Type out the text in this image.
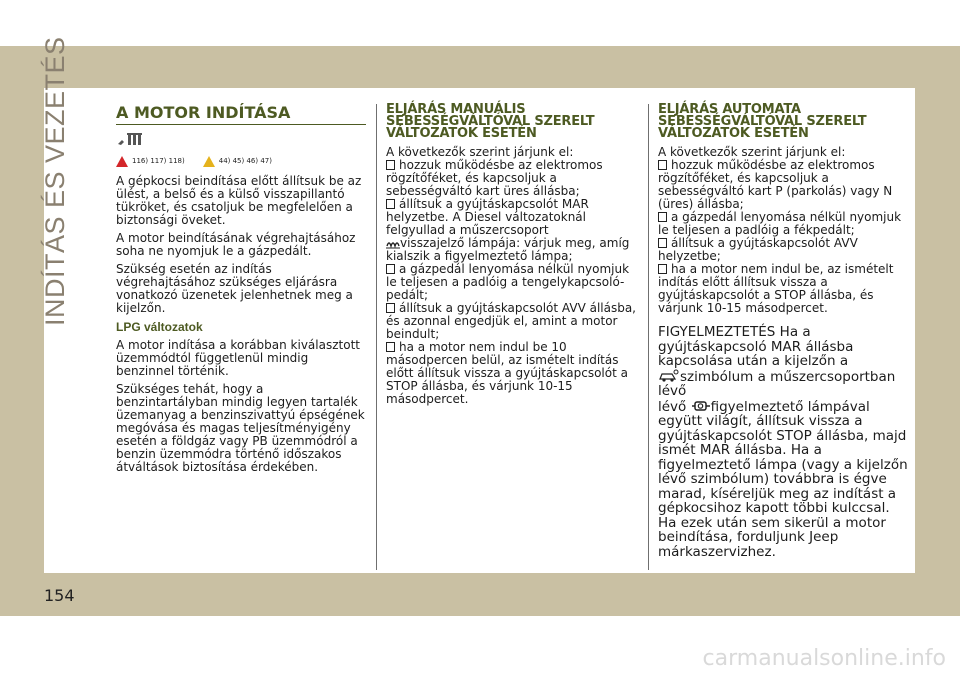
INDÍTÁS ÉS VEZETÉS	A MOTOR INDÍTÁSA
116) 117) 118)	44) 45) 46) 47)

A gépkocsi beindítása előtt állítsuk be az ülést, a belső és a külső visszapillantó tükröket, és csatoljuk be megfelelően a biztonsági öveket.

A motor beindításának végrehajtásához soha ne nyomjuk le a gázpedált.

Szükség esetén az indítás végrehajtásához szükséges eljárásra vonatkozó üzenetek jelenhetnek meg a kijelzőn.

LPG változatok

A motor indítása a korábban kiválasztott üzemmódtól függetlenül mindig benzinnel történik.

Szükséges tehát, hogy a benzintartályban mindig legyen tartalék üzemanyag a benzinszivattyú épségének megóvása és magas teljesítményigény esetén a földgáz vagy PB üzemmódról a benzin üzemmódra történő időszakos átváltások biztosítása érdekében.

ELJÁRÁS MANUÁLIS SEBESSÉGVÁLTÓVAL SZERELT VÁLTOZATOK ESETÉN

A következők szerint járjunk el:

hozzuk működésbe az elektromos rögzítőféket, és kapcsoljuk a sebességváltó kart üres állásba;

állítsuk a gyújtáskapcsolót MAR helyzetbe. A Diesel változatoknál felgyullad a műszercsoport
visszajelző lámpája: várjuk meg, amíg kialszik a figyelmeztető lámpa;

a gázpedál lenyomása nélkül nyomjuk le teljesen a padlóig a tengelykapcsoló-pedált;

állítsuk a gyújtáskapcsolót AVV állásba, és azonnal engedjük el, amint a motor beindult;

ha a motor nem indul be 10 másodpercen belül, az ismételt indítás előtt állítsuk vissza a gyújtáskapcsolót a STOP állásba, és várjunk 10-15 másodpercet.

ELJÁRÁS AUTOMATA SEBESSÉGVÁLTÓVAL SZERELT VÁLTOZATOK ESETÉN

A következők szerint járjunk el:

hozzuk működésbe az elektromos rögzítőféket, és kapcsoljuk a sebességváltó kart P (parkolás) vagy N (üres) állásba;

a gázpedál lenyomása nélkül nyomjuk le teljesen a padlóig a fékpedált;

állítsuk a gyújtáskapcsolót AVV helyzetbe;

ha a motor nem indul be, az ismételt indítás előtt állítsuk vissza a gyújtáskapcsolót a STOP állásba, és várjunk 10-15 másodpercet.

FIGYELMEZTETÉS Ha a gyújtáskapcsoló MAR állásba kapcsolása után a kijelzőn a
szimbólum a műszercsoportban lévő
lévő figyelmeztető lámpával együtt világít, állítsuk vissza a gyújtáskapcsolót STOP állásba, majd ismét MAR állásba. Ha a figyelmeztető lámpa (vagy a kijelzőn lévő szimbólum) továbbra is égve marad, kíséreljük meg az indítást a gépkocsihoz kapott többi kulccsal. Ha ezek után sem sikerül a motor beindítása, forduljunk Jeep márkaszervizhez.
154
carmanualsonline.info
